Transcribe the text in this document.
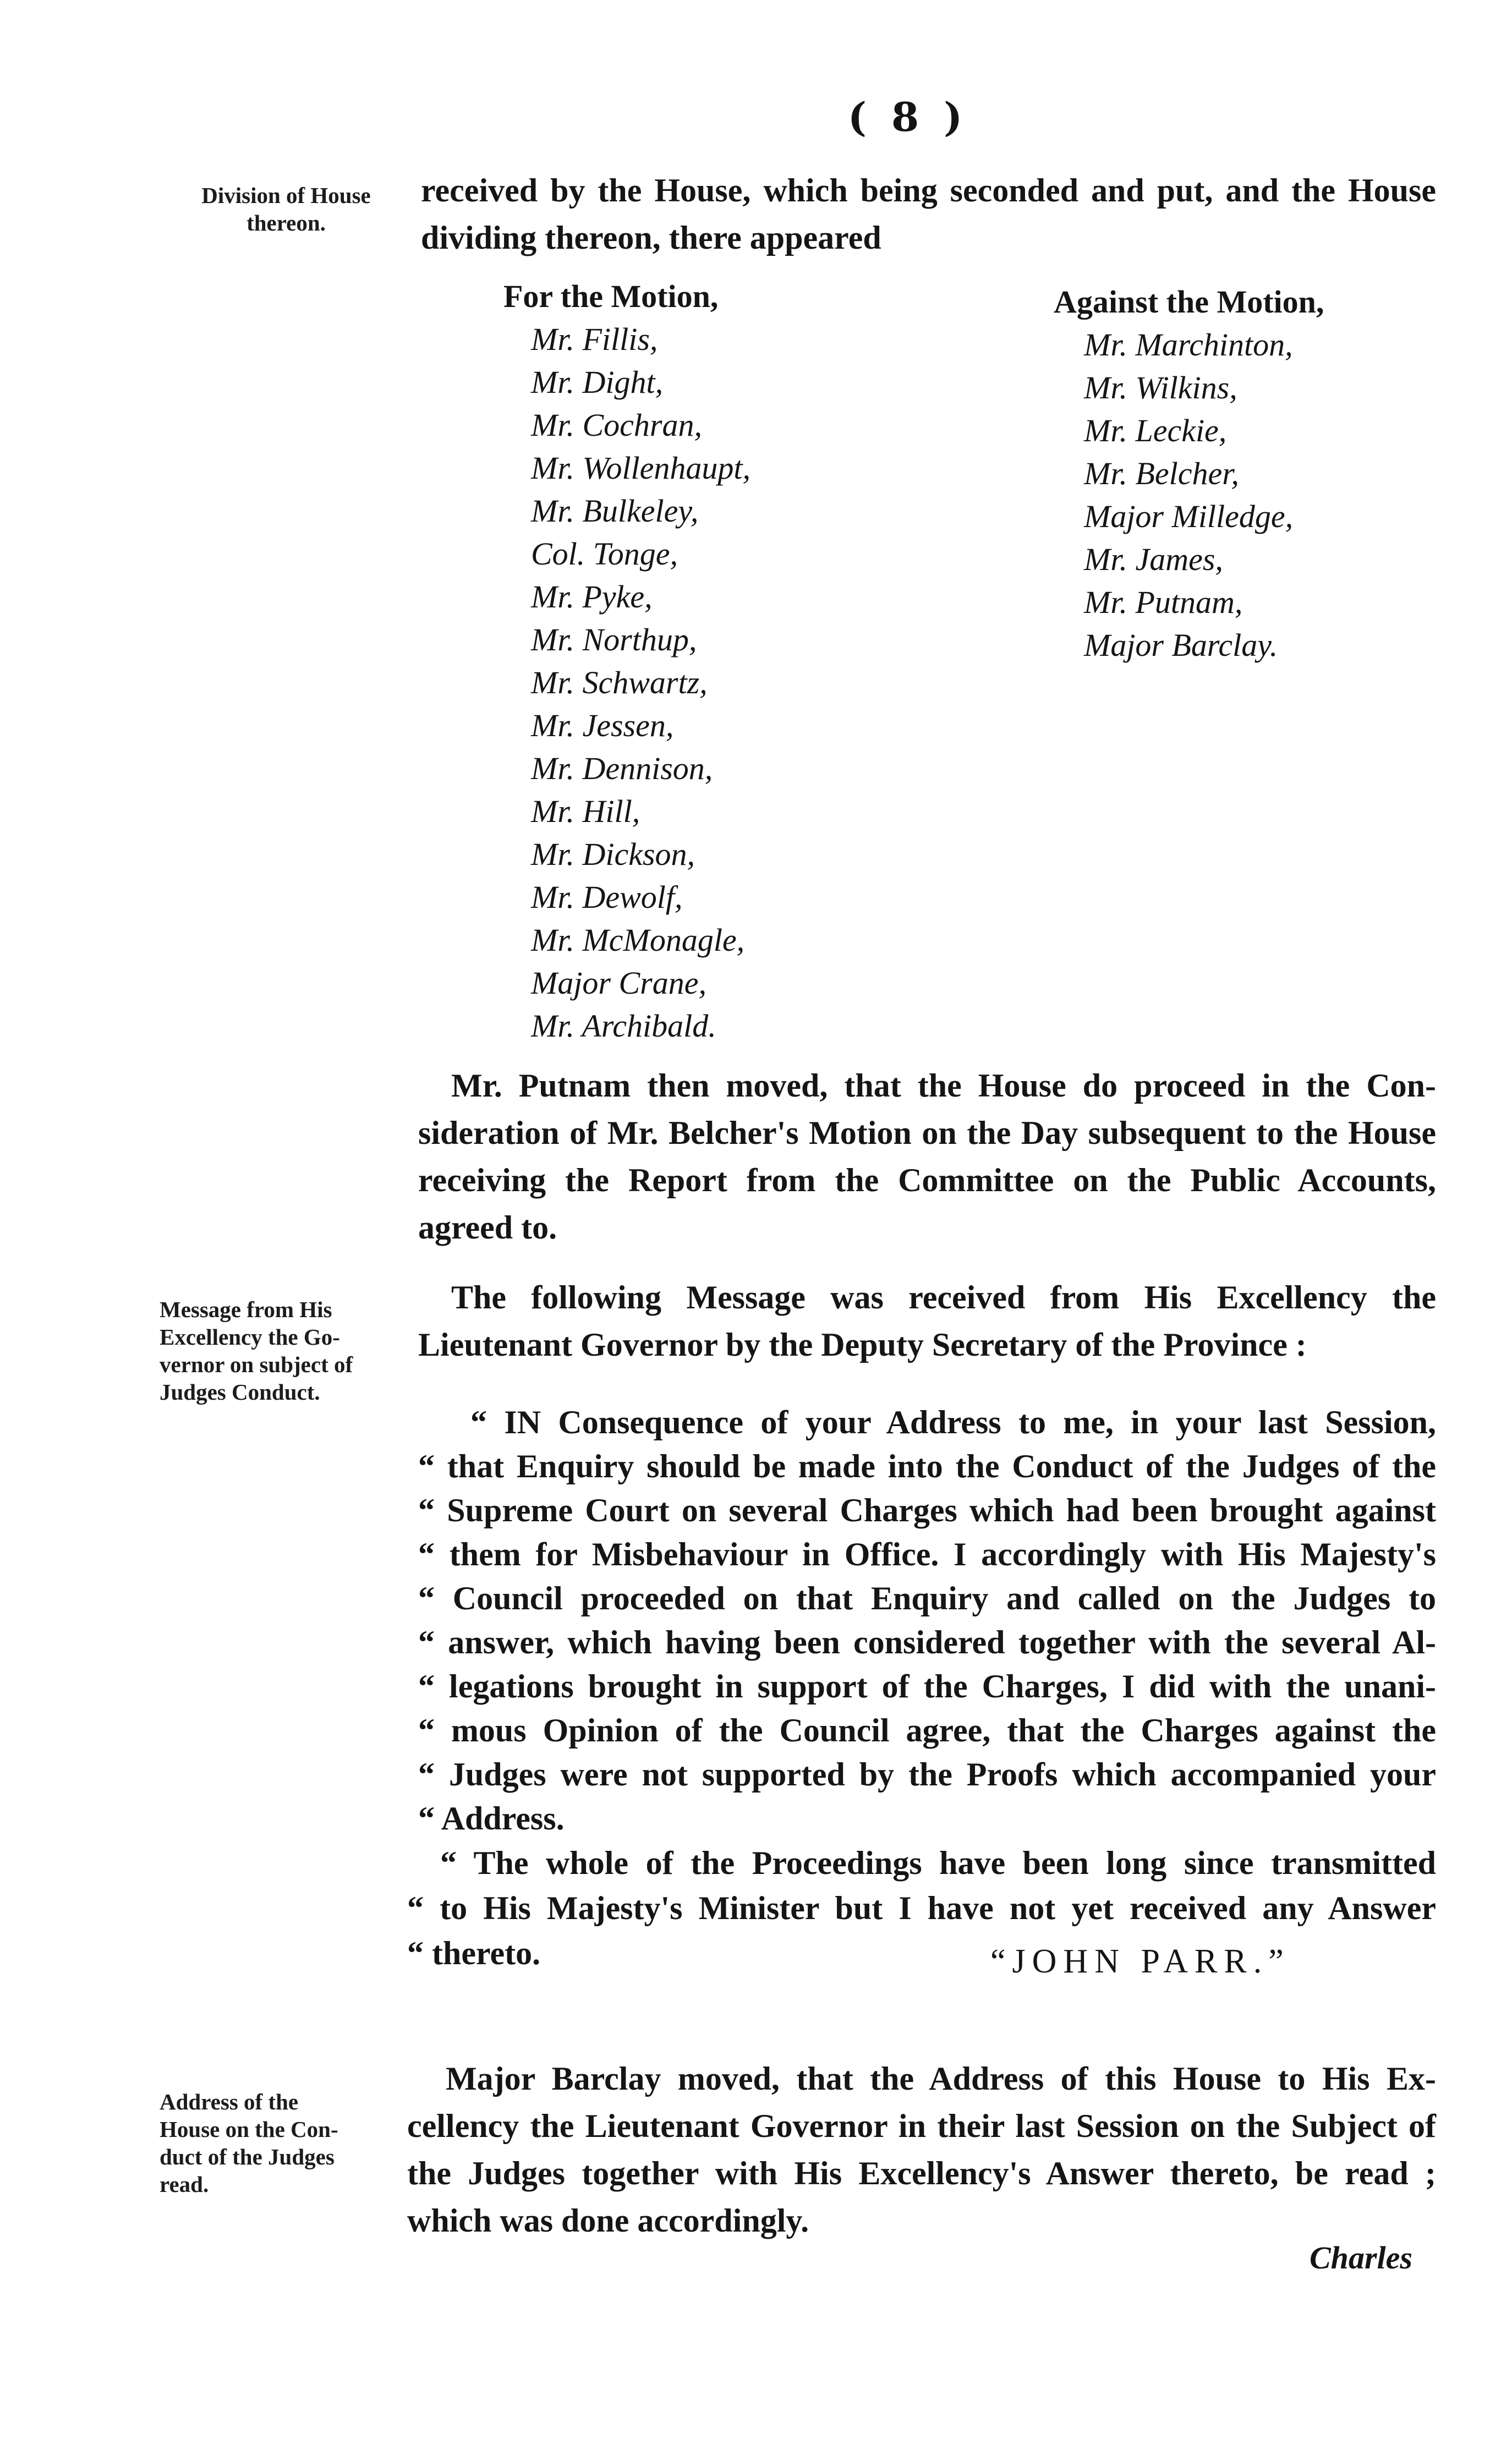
( 8 )
Division of House
thereon.
received by the House, which being seconded and put, and the House
dividing thereon, there appeared
For the Motion,
Mr. Fillis,
Mr. Dight,
Mr. Cochran,
Mr. Wollenhaupt,
Mr. Bulkeley,
Col. Tonge,
Mr. Pyke,
Mr. Northup,
Mr. Schwartz,
Mr. Jessen,
Mr. Dennison,
Mr. Hill,
Mr. Dickson,
Mr. Dewolf,
Mr. McMonagle,
Major Crane,
Mr. Archibald.
Against the Motion,
Mr. Marchinton,
Mr. Wilkins,
Mr. Leckie,
Mr. Belcher,
Major Milledge,
Mr. James,
Mr. Putnam,
Major Barclay.
Mr. Putnam then moved, that the House do proceed in the Con-
sideration of Mr. Belcher's Motion on the Day subsequent to the House
receiving the Report from the Committee on the Public Accounts,
agreed to.
Message from His
Excellency the Go-
vernor on subject of
Judges Conduct.
The following Message was received from His Excellency the
Lieutenant Governor by the Deputy Secretary of the Province :
“ IN Consequence of your Address to me, in your last Session,
“ that Enquiry should be made into the Conduct of the Judges of the
“ Supreme Court on several Charges which had been brought against
“ them for Misbehaviour in Office. I accordingly with His Majesty's
“ Council proceeded on that Enquiry and called on the Judges to
“ answer, which having been considered together with the several Al-
“ legations brought in support of the Charges, I did with the unani-
“ mous Opinion of the Council agree, that the Charges against the
“ Judges were not supported by the Proofs which accompanied your
“ Address.
“ The whole of the Proceedings have been long since transmitted
“ to His Majesty's Minister but I have not yet received any Answer
“ thereto.	“JOHN PARR.”
Address of the
House on the Con-
duct of the Judges
read.
Major Barclay moved, that the Address of this House to His Ex-
cellency the Lieutenant Governor in their last Session on the Subject of
the Judges together with His Excellency's Answer thereto, be read ;
which was done accordingly.
Charles
